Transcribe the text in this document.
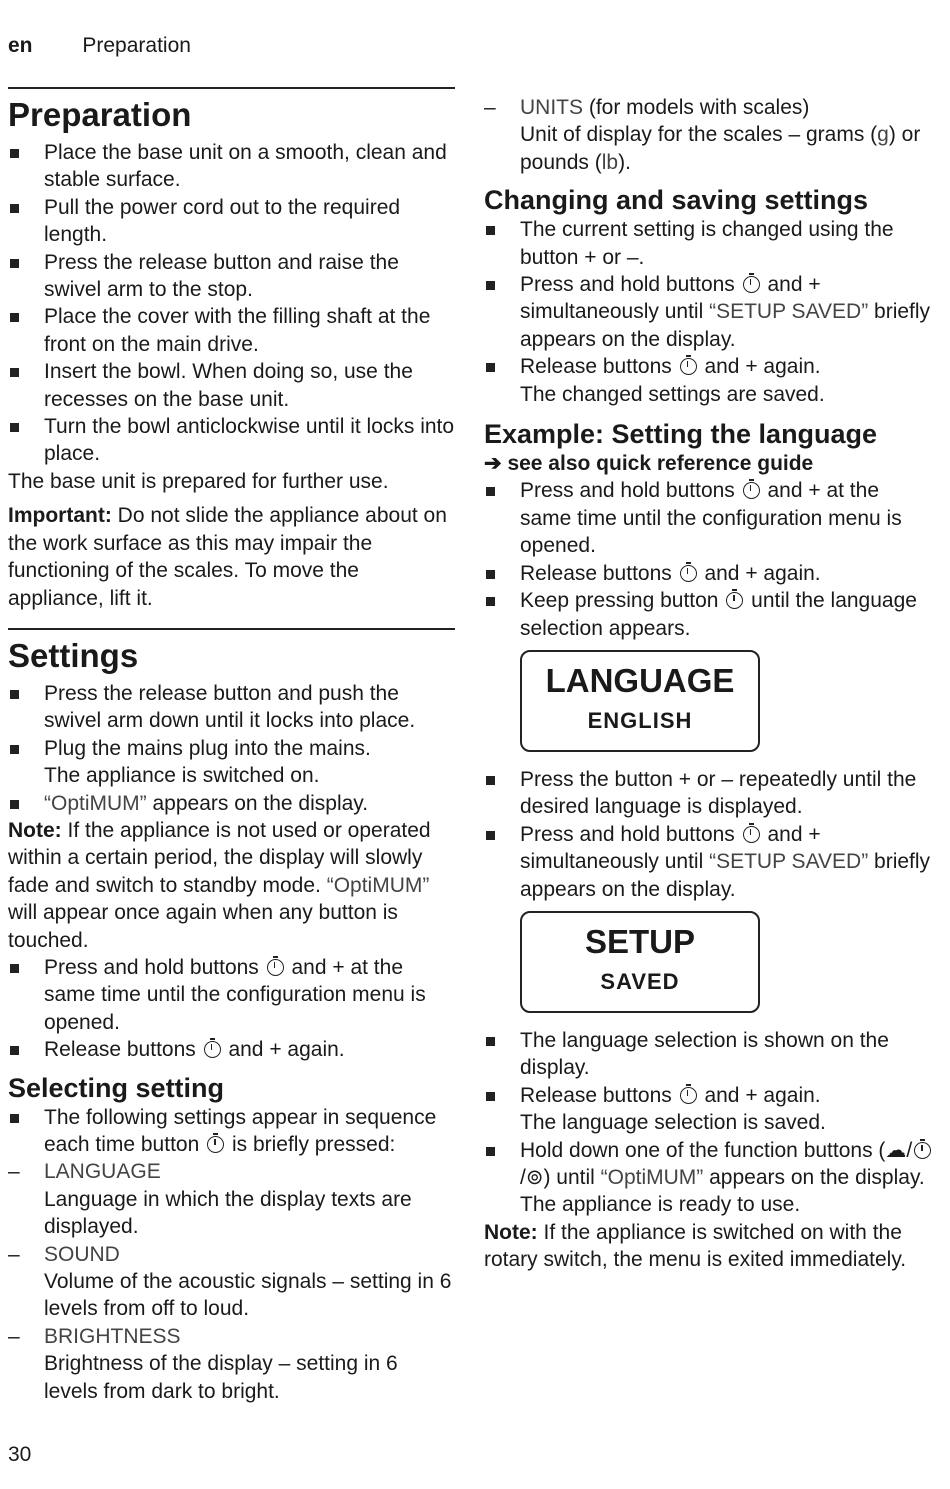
en Preparation
Preparation
Place the base unit on a smooth, clean and stable surface.
Pull the power cord out to the required length.
Press the release button and raise the swivel arm to the stop.
Place the cover with the filling shaft at the front on the main drive.
Insert the bowl. When doing so, use the recesses on the base unit.
Turn the bowl anticlockwise until it locks into place.

The base unit is prepared for further use.

Important: Do not slide the appliance about on the work surface as this may impair the functioning of the scales. To move the appliance, lift it.

Settings
Press the release button and push the swivel arm down until it locks into place.
Plug the mains plug into the mains.
The appliance is switched on.
“OptiMUM” appears on the display.

Note: If the appliance is not used or operated within a certain period, the display will slowly fade and switch to standby mode. “OptiMUM” will appear once again when any button is touched.

Press and hold buttons  and + at the same time until the configuration menu is opened.
Release buttons  and + again.
Selecting setting
The following settings appear in sequence each time button  is briefly pressed:
– LANGUAGE
Language in which the display texts are displayed.
– SOUND
Volume of the acoustic signals – setting in 6 levels from off to loud.
– BRIGHTNESS
Brightness of the display – setting in 6 levels from dark to bright.
– UNITS (for models with scales)
Unit of display for the scales – grams (g) or pounds (lb).
Changing and saving settings
The current setting is changed using the button + or –.
Press and hold buttons  and + simultaneously until “SETUP SAVED” briefly appears on the display.
Release buttons  and + again.
The changed settings are saved.
Example: Setting the language

➔ see also quick reference guide

Press and hold buttons  and + at the same time until the configuration menu is opened.
Release buttons  and + again.
Keep pressing button  until the language selection appears.
LANGUAGE
ENGLISH
Press the button + or – repeatedly until the desired language is displayed.
Press and hold buttons  and + simultaneously until “SETUP SAVED” briefly appears on the display.
SETUP
SAVED
The language selection is shown on the display.
Release buttons  and + again.
The language selection is saved.
Hold down one of the function buttons (☁//⊚) until “OptiMUM” appears on the display. The appliance is ready to use.

Note: If the appliance is switched on with the rotary switch, the menu is exited immediately.

30
